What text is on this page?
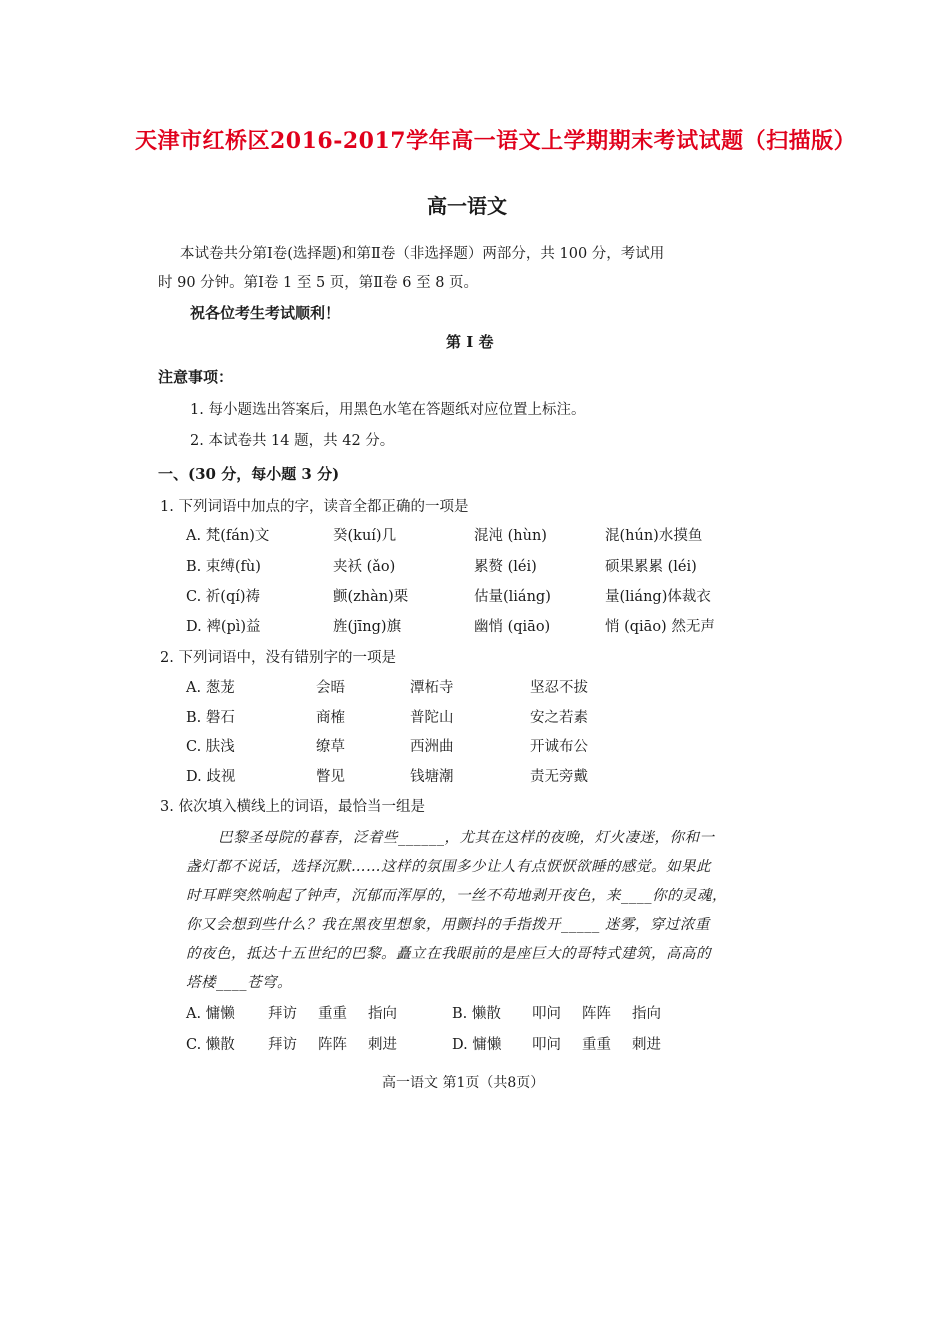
天津市红桥区2016-2017学年高一语文上学期期末考试试题（扫描版）
高一语文
本试卷共分第Ⅰ卷(选择题)和第Ⅱ卷（非选择题）两部分，共 100 分，考试用
时 90 分钟。第Ⅰ卷 1 至 5 页，第Ⅱ卷 6 至 8 页。
祝各位考生考试顺利！
第 Ⅰ 卷
注意事项：
1. 每小题选出答案后，用黑色水笔在答题纸对应位置上标注。
2. 本试卷共 14 题，共 42 分。
一、(30 分，每小题 3 分)
1. 下列词语中加点的字，读音全都正确的一项是
A. 梵(fán)文	癸(kuí)几	混沌 (hùn)	混(hún)水摸鱼
B. 束缚(fù)	夹袄 (ǎo)	累赘 (léi)	硕果累累 (léi)
C. 祈(qí)祷	颤(zhàn)栗	估量(liáng)	量(liáng)体裁衣
D. 裨(pì)益	旌(jīng)旗	幽悄 (qiāo)	悄 (qiāo) 然无声
2. 下列词语中，没有错别字的一项是
A. 葱茏	会晤	潭柘寺	坚忍不拔
B. 磐石	商榷	普陀山	安之若素
C. 肤浅	缭草	西洲曲	开诚布公
D. 歧视	瞥见	钱塘潮	责无旁戴
3. 依次填入横线上的词语，最恰当一组是
巴黎圣母院的暮春，泛着些______，尤其在这样的夜晚，灯火凄迷，你和一
盏灯都不说话，选择沉默……这样的氛围多少让人有点恹恹欲睡的感觉。如果此
时耳畔突然响起了钟声，沉郁而浑厚的，一丝不苟地剥开夜色，来____你的灵魂，
你又会想到些什么？我在黑夜里想象，用颤抖的手指拨开_____ 迷雾，穿过浓重
的夜色，抵达十五世纪的巴黎。矗立在我眼前的是座巨大的哥特式建筑，高高的
塔楼____苍穹。
A. 慵懒 拜访 重重 指向	B. 懒散 叩问 阵阵 指向
C. 懒散 拜访 阵阵 刺进	D. 慵懒 叩问 重重 刺进
高一语文 第1页（共8页）
